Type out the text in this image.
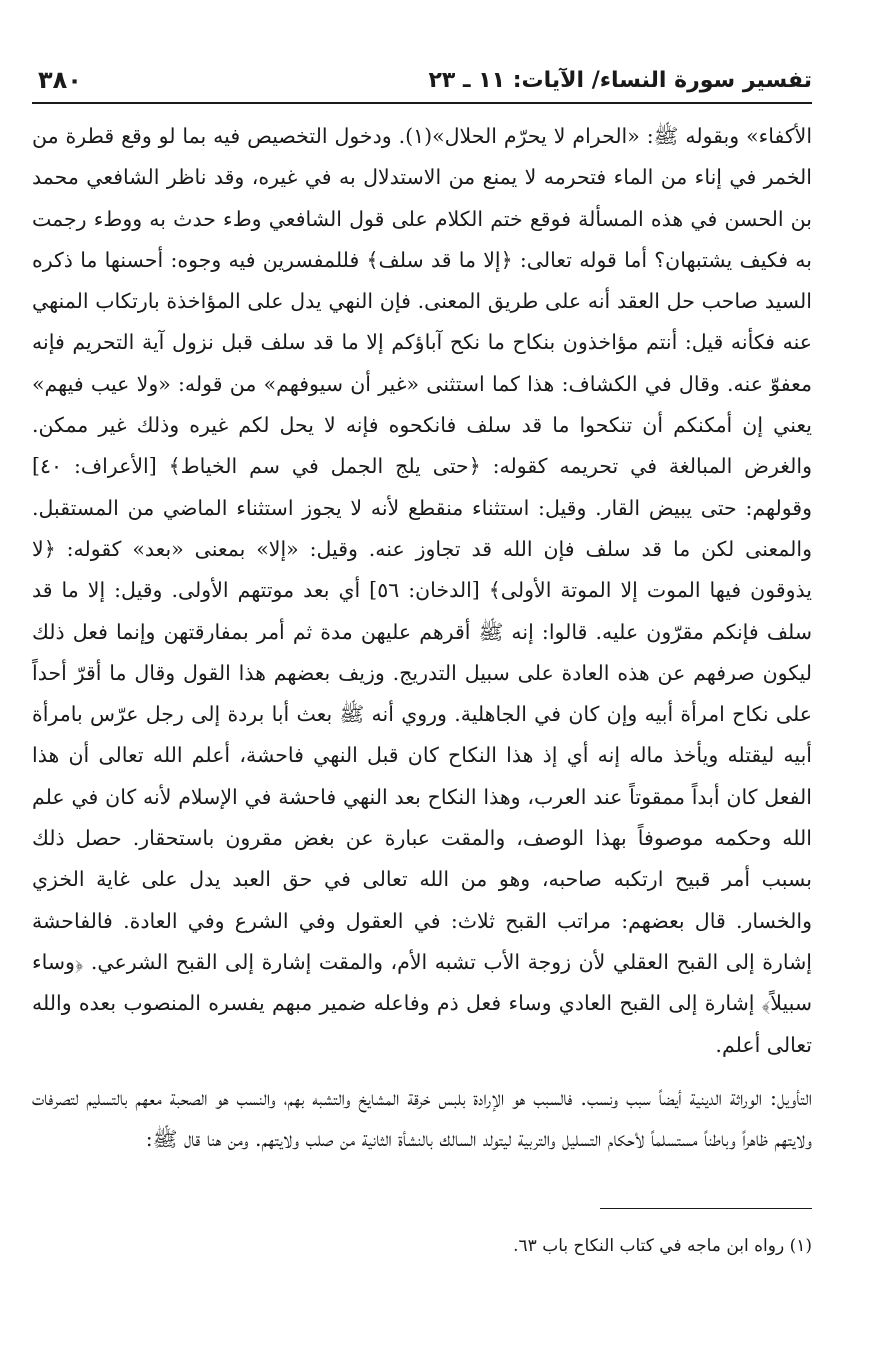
تفسير سورة النساء/ الآيات: ١١ ـ ٢٣
٣٨٠

الأكفاء» وبقوله ﷺ: «الحرام لا يحرّم الحلال»(١). ودخول التخصيص فيه بما لو وقع قطرة من الخمر في إناء من الماء فتحرمه لا يمنع من الاستدلال به في غيره، وقد ناظر الشافعي محمد بن الحسن في هذه المسألة فوقع ختم الكلام على قول الشافعي وطء حدث به ووطء رجمت به فكيف يشتبهان؟ أما قوله تعالى: ﴿إلا ما قد سلف﴾ فللمفسرين فيه وجوه: أحسنها ما ذكره السيد صاحب حل العقد أنه على طريق المعنى. فإن النهي يدل على المؤاخذة بارتكاب المنهي عنه فكأنه قيل: أنتم مؤاخذون بنكاح ما نكح آباؤكم إلا ما قد سلف قبل نزول آية التحريم فإنه معفوّ عنه. وقال في الكشاف: هذا كما استثنى «غير أن سيوفهم» من قوله: «ولا عيب فيهم» يعني إن أمكنكم أن تنكحوا ما قد سلف فانكحوه فإنه لا يحل لكم غيره وذلك غير ممكن. والغرض المبالغة في تحريمه كقوله: ﴿حتى يلج الجمل في سم الخياط﴾ [الأعراف: ٤٠] وقولهم: حتى يبيض القار. وقيل: استثناء منقطع لأنه لا يجوز استثناء الماضي من المستقبل. والمعنى لكن ما قد سلف فإن الله قد تجاوز عنه. وقيل: «إلا» بمعنى «بعد» كقوله: ﴿لا يذوقون فيها الموت إلا الموتة الأولى﴾ [الدخان: ٥٦] أي بعد موتتهم الأولى. وقيل: إلا ما قد سلف فإنكم مقرّون عليه. قالوا: إنه ﷺ أقرهم عليهن مدة ثم أمر بمفارقتهن وإنما فعل ذلك ليكون صرفهم عن هذه العادة على سبيل التدريج. وزيف بعضهم هذا القول وقال ما أقرّ أحداً على نكاح امرأة أبيه وإن كان في الجاهلية. وروي أنه ﷺ بعث أبا بردة إلى رجل عرّس بامرأة أبيه ليقتله ويأخذ ماله إنه أي إذ هذا النكاح كان قبل النهي فاحشة، أعلم الله تعالى أن هذا الفعل كان أبداً ممقوتاً عند العرب، وهذا النكاح بعد النهي فاحشة في الإسلام لأنه كان في علم الله وحكمه موصوفاً بهذا الوصف، والمقت عبارة عن بغض مقرون باستحقار. حصل ذلك بسبب أمر قبيح ارتكبه صاحبه، وهو من الله تعالى في حق العبد يدل على غاية الخزي والخسار. قال بعضهم: مراتب القبح ثلاث: في العقول وفي الشرع وفي العادة. فالفاحشة إشارة إلى القبح العقلي لأن زوجة الأب تشبه الأم، والمقت إشارة إلى القبح الشرعي. ﴿وساء سبيلاً﴾ إشارة إلى القبح العادي وساء فعل ذم وفاعله ضمير مبهم يفسره المنصوب بعده والله تعالى أعلم.

التأويل: الوراثة الدينية أيضاً سبب ونسب. فالسبب هو الإرادة بلبس خرقة المشايخ والتشبه بهم، والنسب هو الصحبة معهم بالتسليم لتصرفات ولايتهم ظاهراً وباطناً مستسلماً لأحكام التسليل والتربية ليتولد السالك بالنشأة الثانية من صلب ولايتهم. ومن هنا قال ﷺ:

(١) رواه ابن ماجه في كتاب النكاح باب ٦٣.
